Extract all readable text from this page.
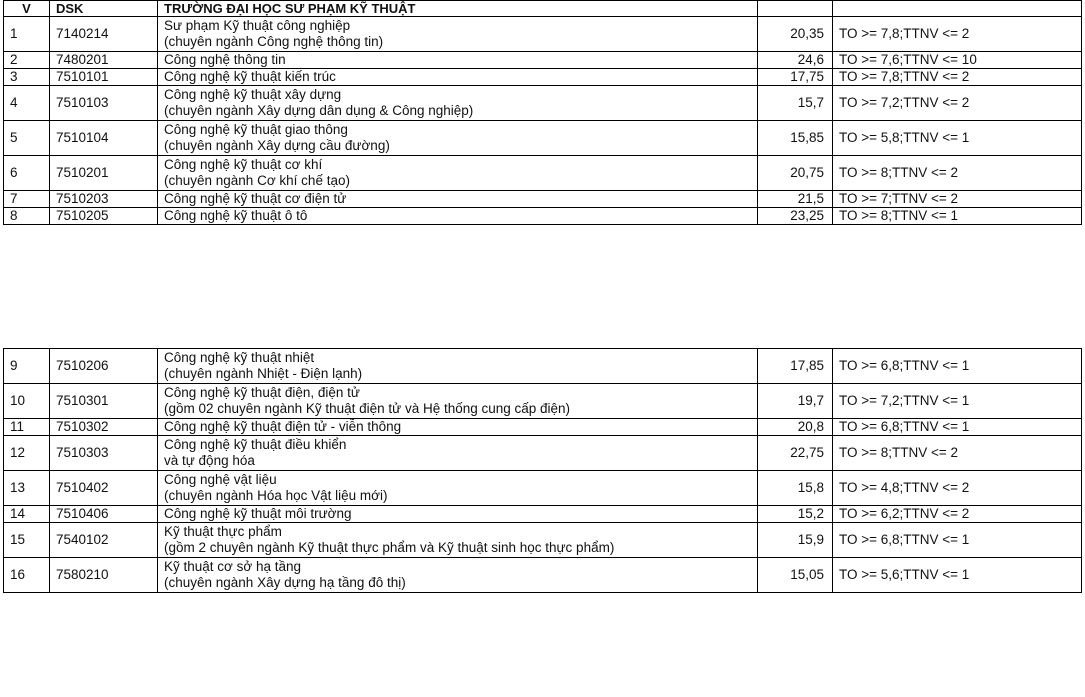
V	DSK	TRƯỜNG ĐẠI HỌC SƯ PHẠM KỸ THUẬT		
1	7140214	Sư phạm Kỹ thuật công nghiệp
(chuyên ngành Công nghệ thông tin)	20,35	TO >= 7,8;TTNV <= 2
2	7480201	Công nghệ thông tin	24,6	TO >= 7,6;TTNV <= 10
3	7510101	Công nghệ kỹ thuật kiến trúc	17,75	TO >= 7,8;TTNV <= 2
4	7510103	Công nghệ kỹ thuật xây dựng
(chuyên ngành Xây dựng dân dụng & Công nghiệp)	15,7	TO >= 7,2;TTNV <= 2
5	7510104	Công nghệ kỹ thuật giao thông
(chuyên ngành Xây dựng cầu đường)	15,85	TO >= 5,8;TTNV <= 1
6	7510201	Công nghệ kỹ thuật cơ khí
(chuyên ngành Cơ khí chế tạo)	20,75	TO >= 8;TTNV <= 2
7	7510203	Công nghệ kỹ thuật cơ điện tử	21,5	TO >= 7;TTNV <= 2
8	7510205	Công nghệ kỹ thuật ô tô	23,25	TO >= 8;TTNV <= 1
9	7510206	Công nghệ kỹ thuật nhiệt
(chuyên ngành Nhiệt - Điện lạnh)	17,85	TO >= 6,8;TTNV <= 1
10	7510301	Công nghệ kỹ thuật điện, điện tử
(gồm 02 chuyên ngành Kỹ thuật điện tử và Hệ thống cung cấp điện)	19,7	TO >= 7,2;TTNV <= 1
11	7510302	Công nghệ kỹ thuật điện tử - viễn thông	20,8	TO >= 6,8;TTNV <= 1
12	7510303	Công nghệ kỹ thuật điều khiển
và tự động hóa	22,75	TO >= 8;TTNV <= 2
13	7510402	Công nghệ vật liệu
(chuyên ngành Hóa học Vật liệu mới)	15,8	TO >= 4,8;TTNV <= 2
14	7510406	Công nghệ kỹ thuật môi trường	15,2	TO >= 6,2;TTNV <= 2
15	7540102	Kỹ thuật thực phẩm
(gồm 2 chuyên ngành Kỹ thuật thực phẩm và Kỹ thuật sinh học thực phẩm)	15,9	TO >= 6,8;TTNV <= 1
16	7580210	Kỹ thuật cơ sở hạ tầng
(chuyên ngành Xây dựng hạ tầng đô thị)	15,05	TO >= 5,6;TTNV <= 1
